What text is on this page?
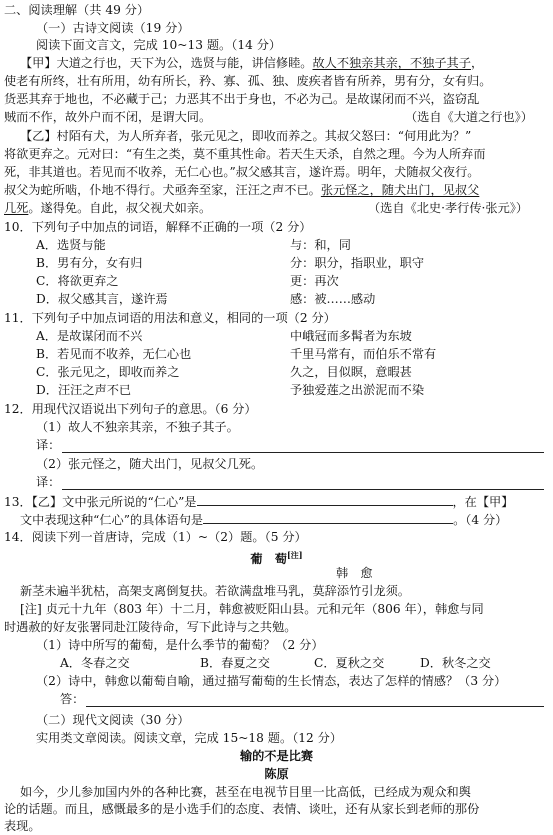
二、阅读理解（共 49 分）
（一）古诗文阅读（19 分）
阅读下面文言文，完成 10~13 题。（14 分）
【甲】大道之行也，天下为公，选贤与能，讲信修睦。故人不独亲其亲，不独子其子，
使老有所终，壮有所用，幼有所长，矜、寡、孤、独、废疾者皆有所养，男有分，女有归。
货恶其弃于地也，不必藏于己；力恶其不出于身也，不必为己。是故谋闭而不兴，盗窃乱
贼而不作，故外户而不闭，是谓大同。	（选自《大道之行也》）
【乙】村陌有犬，为人所弃者，张元见之，即收而养之。其叔父怒曰：“何用此为？”
将欲更弃之。元对曰：“有生之类，莫不重其性命。若天生天杀，自然之理。今为人所弃而
死，非其道也。若见而不收养，无仁心也。”叔父感其言，遂许焉。明年，犬随叔父夜行。
叔父为蛇所啮，仆地不得行。犬亟奔至家，汪汪之声不已。张元怪之，随犬出门，见叔父
几死。遂得免。自此，叔父视犬如亲。	（选自《北史·孝行传·张元》）
10．下列句子中加点的词语，解释不正确的一项（2 分）
A．选贤与能	与：和，同
B．男有分，女有归	分：职分，指职业，职守
C．将欲更弃之	更：再次
D．叔父感其言，遂许焉	感：被……感动
11．下列句子中加点词语的用法和意义，相同的一项（2 分）
A．是故谋闭而不兴	中峨冠而多髯者为东坡
B．若见而不收养，无仁心也	千里马常有，而伯乐不常有
C．张元见之，即收而养之	久之，目似瞑，意暇甚
D．汪汪之声不已	予独爱莲之出淤泥而不染
12．用现代汉语说出下列句子的意思。（6 分）
（1）故人不独亲其亲，不独子其子。
译：
（2）张元怪之，随犬出门，见叔父几死。
译：
13．【乙】文中张元所说的“仁心”是	，在【甲】
文中表现这种“仁心”的具体语句是	。（4 分）
14．阅读下列一首唐诗，完成（1）~（2）题。（5 分）
葡　萄[注]
韩　愈
新茎未遍半犹枯，高架支离倒复扶。若欲满盘堆马乳，莫辞添竹引龙须。
[注] 贞元十九年（803 年）十二月，韩愈被贬阳山县。元和元年（806 年），韩愈与同
时遇赦的好友张署同赴江陵待命，写下此诗与之共勉。
（1）诗中所写的葡萄，是什么季节的葡萄？（2 分）
A．冬春之交	B．春夏之交	C．夏秋之交	D．秋冬之交
（2）诗中，韩愈以葡萄自喻，通过描写葡萄的生长情态，表达了怎样的情感？（3 分）
答：
（二）现代文阅读（30 分）
实用类文章阅读。阅读文章，完成 15~18 题。（12 分）
输的不是比赛
陈原
如今，少儿参加国内外的各种比赛，甚至在电视节目里一比高低，已经成为观众和舆
论的话题。而且，感慨最多的是小选手们的态度、表情、谈吐，还有从家长到老师的那份
表现。
